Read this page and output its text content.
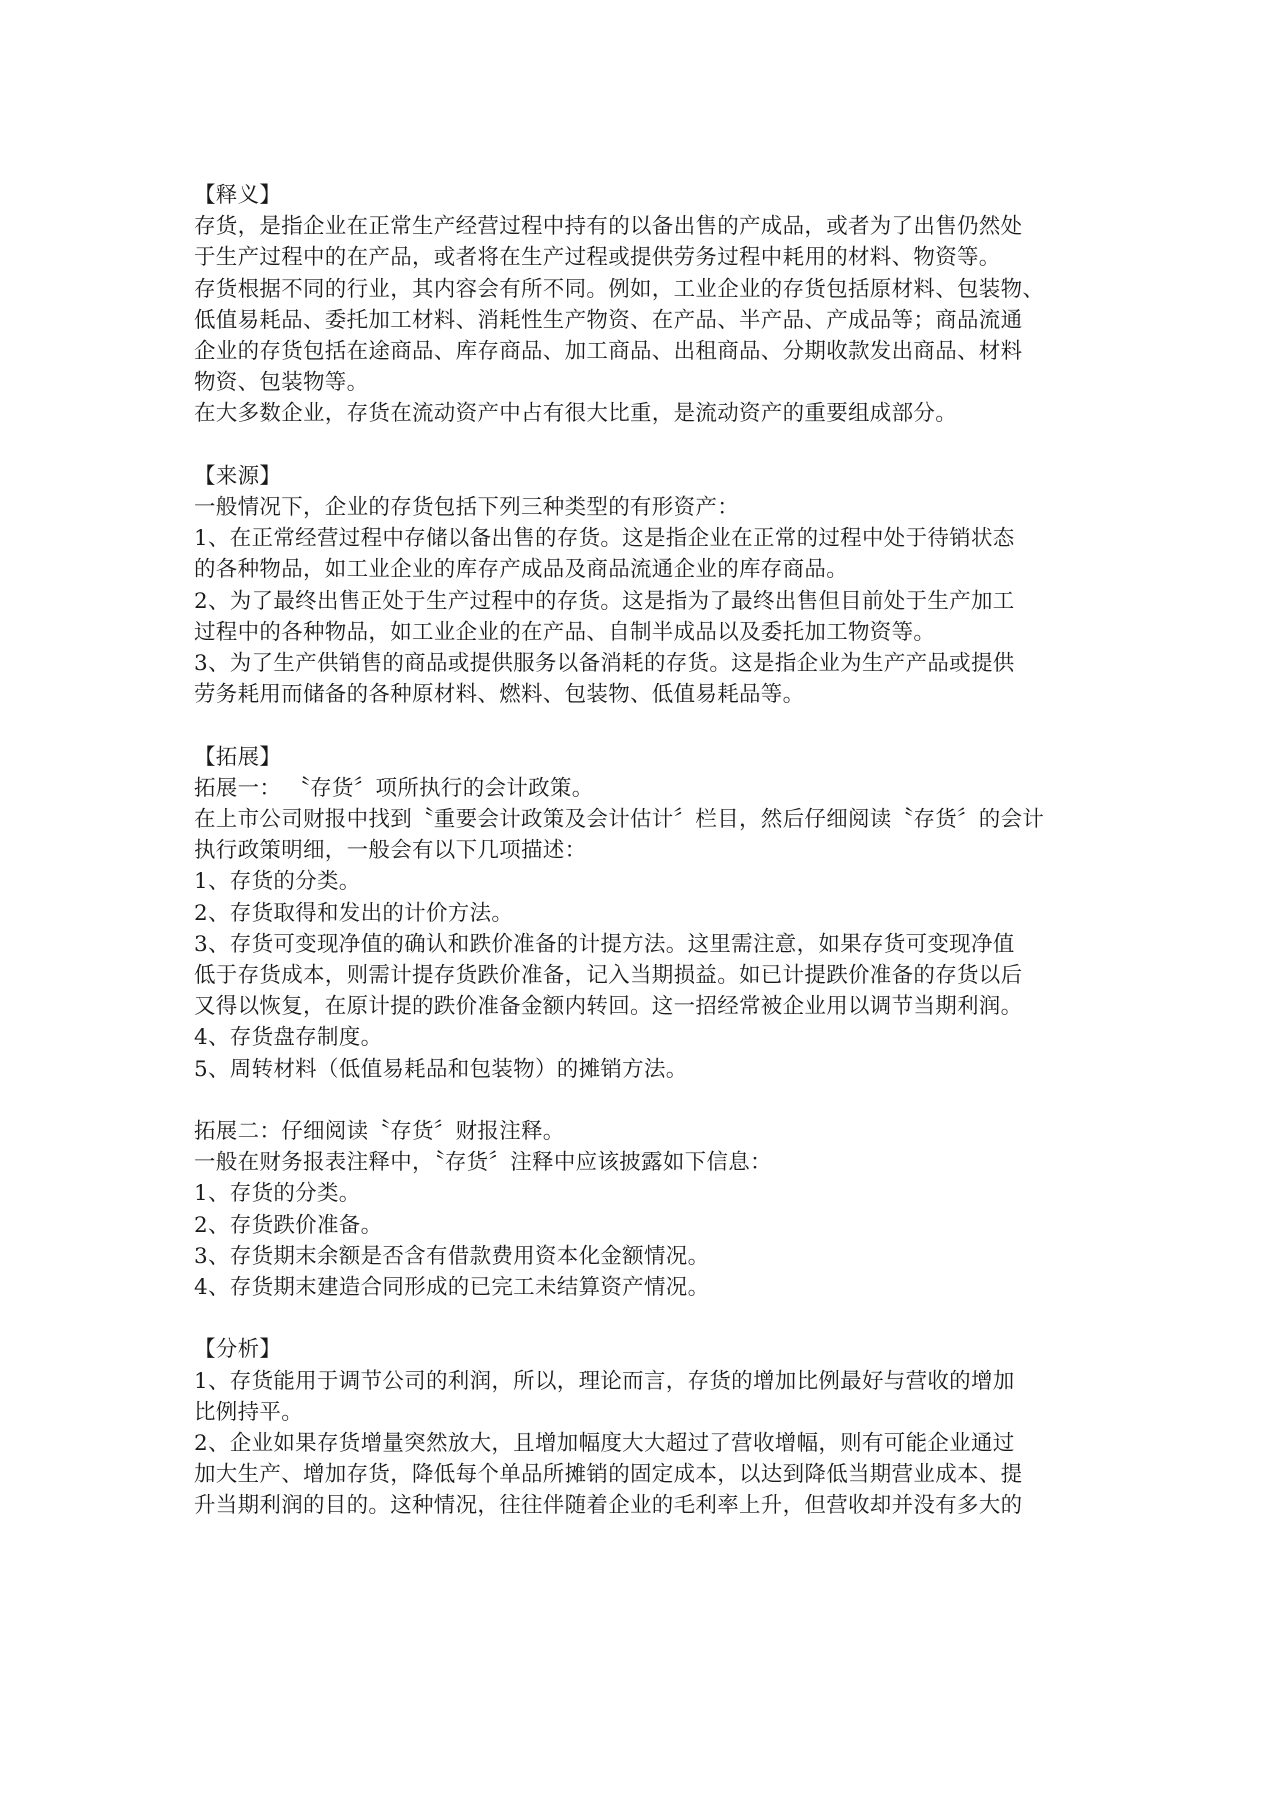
【释义】

存货，是指企业在正常生产经营过程中持有的以备出售的产成品，或者为了出售仍然处

于生产过程中的在产品，或者将在生产过程或提供劳务过程中耗用的材料、物资等。

存货根据不同的行业，其内容会有所不同。例如，工业企业的存货包括原材料、包装物、

低值易耗品、委托加工材料、消耗性生产物资、在产品、半产品、产成品等；商品流通

企业的存货包括在途商品、库存商品、加工商品、出租商品、分期收款发出商品、材料

物资、包装物等。

在大多数企业，存货在流动资产中占有很大比重，是流动资产的重要组成部分。

【来源】

一般情况下，企业的存货包括下列三种类型的有形资产：

1、在正常经营过程中存储以备出售的存货。这是指企业在正常的过程中处于待销状态

的各种物品，如工业企业的库存产成品及商品流通企业的库存商品。

2、为了最终出售正处于生产过程中的存货。这是指为了最终出售但目前处于生产加工

过程中的各种物品，如工业企业的在产品、自制半成品以及委托加工物资等。

3、为了生产供销售的商品或提供服务以备消耗的存货。这是指企业为生产产品或提供

劳务耗用而储备的各种原材料、燃料、包装物、低值易耗品等。

【拓展】

拓展一： 〝存货〞项所执行的会计政策。

在上市公司财报中找到〝重要会计政策及会计估计〞栏目，然后仔细阅读〝存货〞的会计

执行政策明细，一般会有以下几项描述：

1、存货的分类。

2、存货取得和发出的计价方法。

3、存货可变现净值的确认和跌价准备的计提方法。这里需注意，如果存货可变现净值

低于存货成本，则需计提存货跌价准备，记入当期损益。如已计提跌价准备的存货以后

又得以恢复，在原计提的跌价准备金额内转回。这一招经常被企业用以调节当期利润。

4、存货盘存制度。

5、周转材料（低值易耗品和包装物）的摊销方法。

拓展二：仔细阅读〝存货〞财报注释。

一般在财务报表注释中，〝存货〞注释中应该披露如下信息：

1、存货的分类。

2、存货跌价准备。

3、存货期末余额是否含有借款费用资本化金额情况。

4、存货期末建造合同形成的已完工未结算资产情况。

【分析】

1、存货能用于调节公司的利润，所以，理论而言，存货的增加比例最好与营收的增加

比例持平。

2、企业如果存货增量突然放大，且增加幅度大大超过了营收增幅，则有可能企业通过

加大生产、增加存货，降低每个单品所摊销的固定成本，以达到降低当期营业成本、提

升当期利润的目的。这种情况，往往伴随着企业的毛利率上升，但营收却并没有多大的
